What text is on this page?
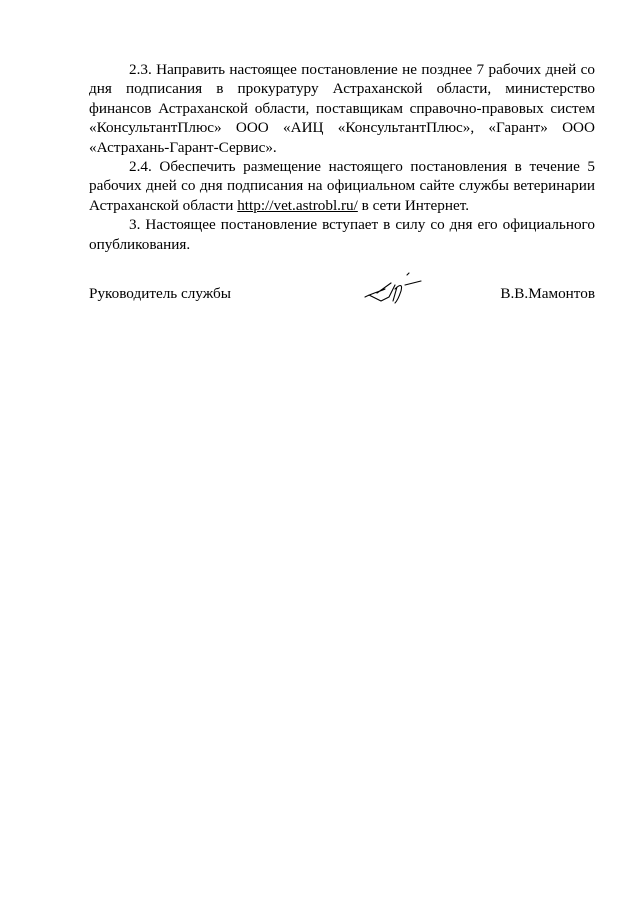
2.3. Направить настоящее постановление не позднее 7 рабочих дней со дня подписания в прокуратуру Астраханской области, министерство финансов Астраханской области, поставщикам справочно-правовых систем «КонсультантПлюс» ООО «АИЦ «КонсультантПлюс», «Гарант» ООО «Астрахань-Гарант-Сервис».

2.4. Обеспечить размещение настоящего постановления в течение 5 рабочих дней со дня подписания на официальном сайте службы ветеринарии Астраханской области http://vet.astrobl.ru/ в сети Интернет.

3. Настоящее постановление вступает в силу со дня его официального опубликования.

Руководитель службы	В.В.Мамонтов
